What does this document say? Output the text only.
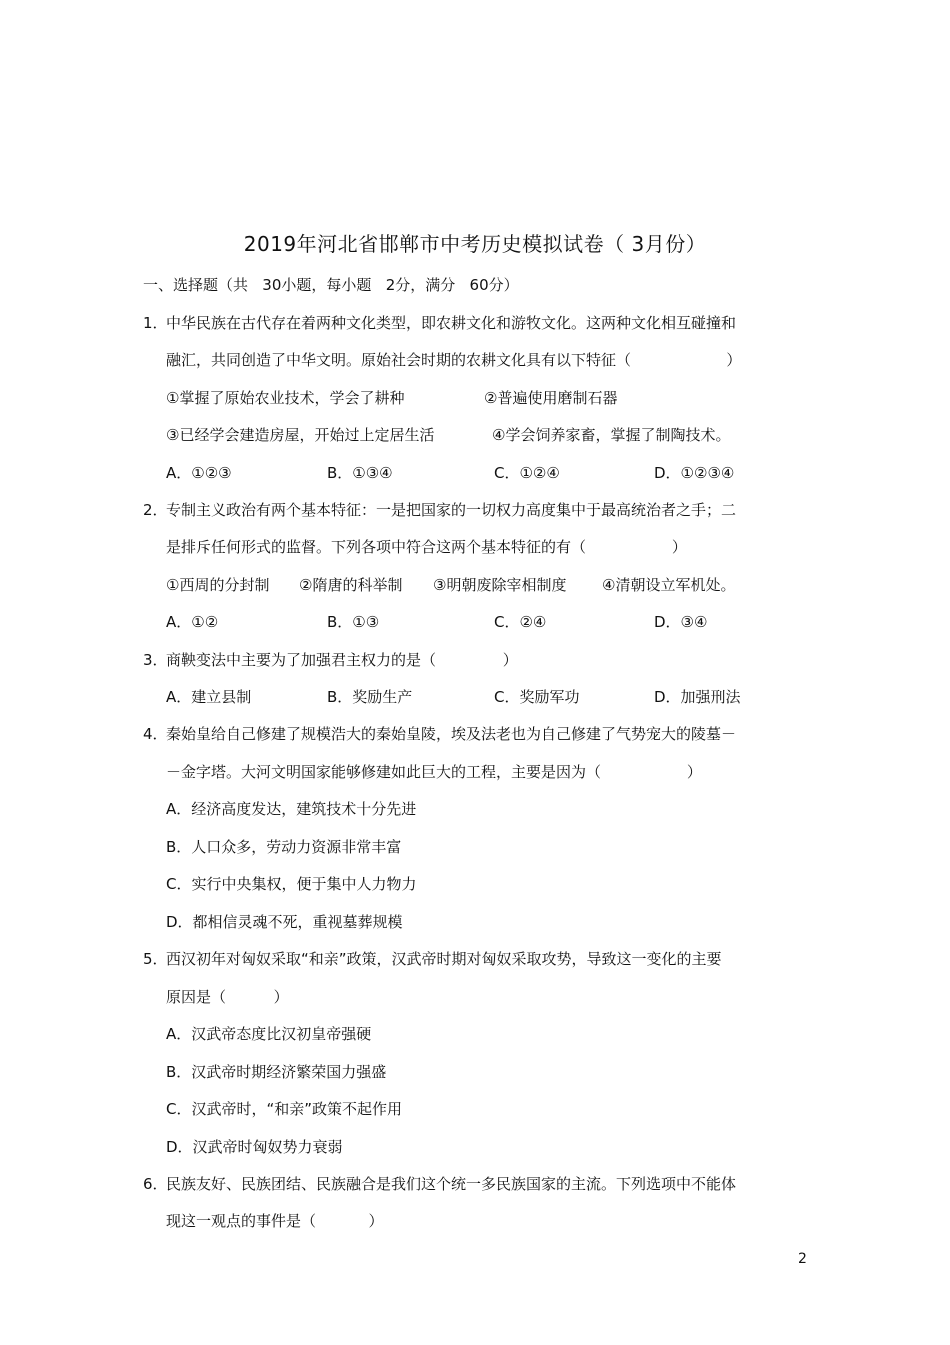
2019年河北省邯郸市中考历史模拟试卷（ 3月份）
一、选择题（共   30小题，每小题   2分，满分   60分）
1．
中华民族在古代存在着两种文化类型，即农耕文化和游牧文化。这两种文化相互碰撞和
融汇，共同创造了中华文明。原始社会时期的农耕文化具有以下特征（                    ）
①掌握了原始农业技术，学会了耕种	②普遍使用磨制石器
③已经学会建造房屋，开始过上定居生活	④学会饲养家畜，掌握了制陶技术。
A．①②③	B．①③④	C．①②④	D．①②③④
2．
专制主义政治有两个基本特征：一是把国家的一切权力高度集中于最高统治者之手；二
是排斥任何形式的监督。下列各项中符合这两个基本特征的有（                  ）
①西周的分封制 ②隋唐的科举制 ③明朝废除宰相制度 ④清朝设立军机处。
A．①②	B．①③	C．②④	D．③④
3．
商鞅变法中主要为了加强君主权力的是（              ）
A．建立县制	B．奖励生产	C．奖励军功	D．加强刑法
4．
秦始皇给自己修建了规模浩大的秦始皇陵，埃及法老也为自己修建了气势宠大的陵墓－
－金字塔。大河文明国家能够修建如此巨大的工程，主要是因为（                  ）
A．经济高度发达，建筑技术十分先进
B．人口众多，劳动力资源非常丰富
C．实行中央集权，便于集中人力物力
D．都相信灵魂不死，重视墓葬规模
5．
西汉初年对匈奴采取“和亲”政策，汉武帝时期对匈奴采取攻势，导致这一变化的主要
原因是（          ）
A．汉武帝态度比汉初皇帝强硬
B．汉武帝时期经济繁荣国力强盛
C．汉武帝时，“和亲”政策不起作用
D．汉武帝时匈奴势力衰弱
6．
民族友好、民族团结、民族融合是我们这个统一多民族国家的主流。下列选项中不能体
现这一观点的事件是（           ）
2
